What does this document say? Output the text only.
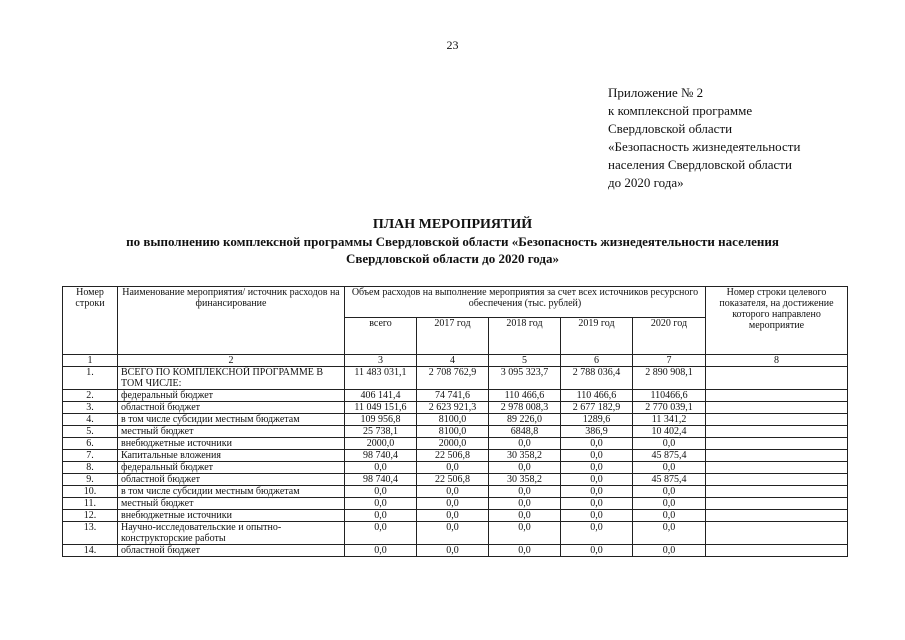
23
Приложение № 2
к комплексной программе
Свердловской области
«Безопасность жизнедеятельности
населения Свердловской области
до 2020 года»
ПЛАН МЕРОПРИЯТИЙ
по выполнению комплексной программы Свердловской области «Безопасность жизнедеятельности населения
Свердловской области до 2020 года»
Номер строки	Наименование мероприятия/ источник расходов на финансирование	Объем расходов на выполнение мероприятия за счет всех источников ресурсного обеспечения (тыс. рублей)					Номер строки целевого показателя, на достижение которого направлено мероприятие
		всего	2017 год	2018 год	2019 год	2020 год	
1	2	3	4	5	6	7	8
1.	ВСЕГО ПО КОМПЛЕКСНОЙ ПРОГРАММЕ В ТОМ ЧИСЛЕ:	11 483 031,1	2 708 762,9	3 095 323,7	2 788 036,4	2 890 908,1	
2.	федеральный бюджет	406 141,4	74 741,6	110 466,6	110 466,6	110466,6	
3.	областной бюджет	11 049 151,6	2 623 921,3	2 978 008,3	2 677 182,9	2 770 039,1	
4.	в том числе субсидии местным бюджетам	109 956,8	8100,0	89 226,0	1289,6	11 341,2	
5.	местный бюджет	25 738,1	8100,0	6848,8	386,9	10 402,4	
6.	внебюджетные источники	2000,0	2000,0	0,0	0,0	0,0	
7.	Капитальные вложения	98 740,4	22 506,8	30 358,2	0,0	45 875,4	
8.	федеральный бюджет	0,0	0,0	0,0	0,0	0,0	
9.	областной бюджет	98 740,4	22 506,8	30 358,2	0,0	45 875,4	
10.	в том числе субсидии местным бюджетам	0,0	0,0	0,0	0,0	0,0	
11.	местный бюджет	0,0	0,0	0,0	0,0	0,0	
12.	внебюджетные источники	0,0	0,0	0,0	0,0	0,0	
13.	Научно-исследовательские и опытно-конструкторские работы	0,0	0,0	0,0	0,0	0,0	
14.	областной бюджет	0,0	0,0	0,0	0,0	0,0	
